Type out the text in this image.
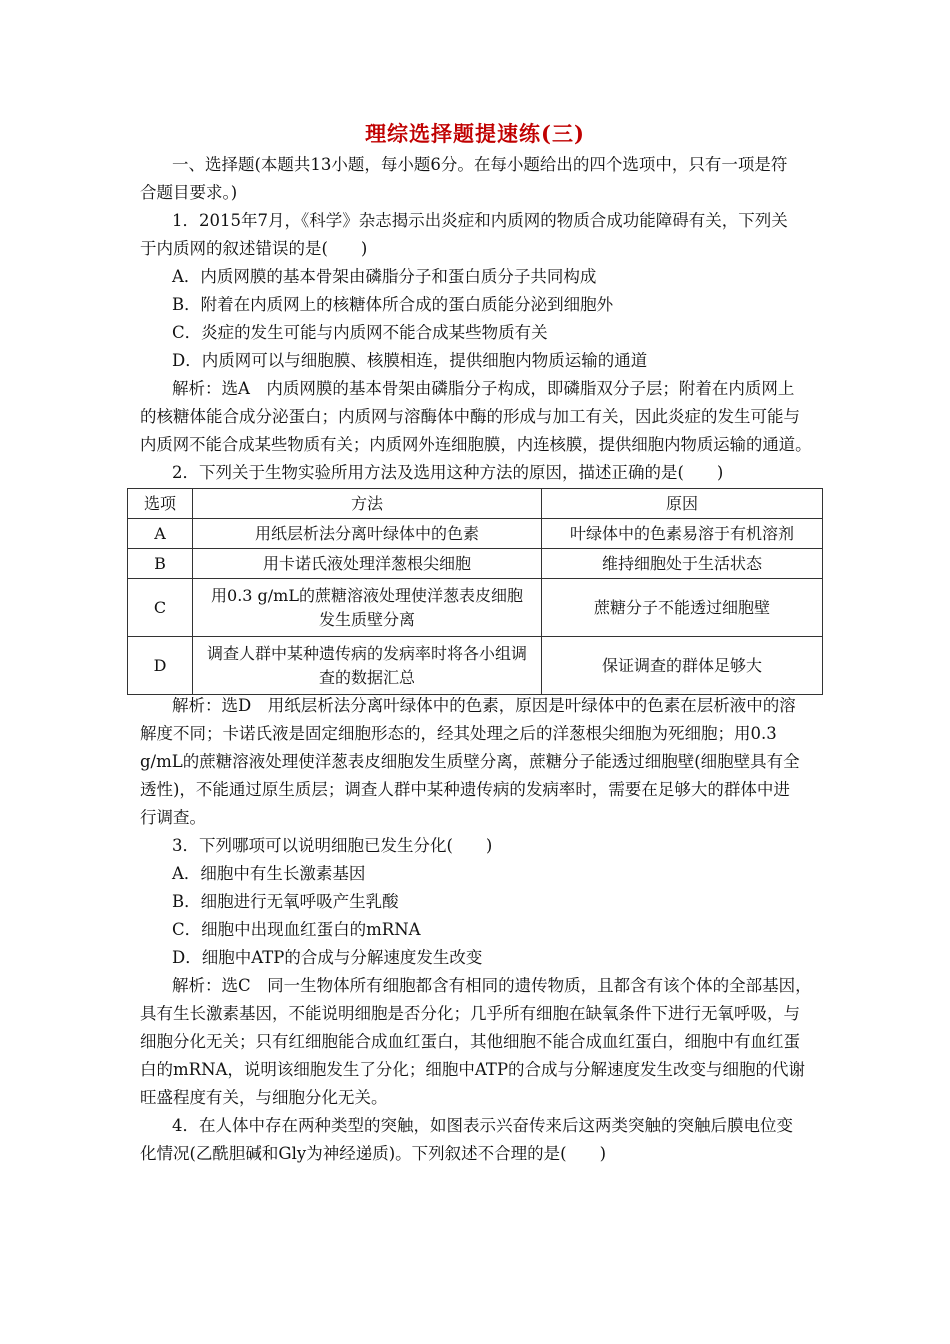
理综选择题提速练(三)
一、选择题(本题共13小题，每小题6分。在每小题给出的四个选项中，只有一项是符
合题目要求。)
1．2015年7月，《科学》杂志揭示出炎症和内质网的物质合成功能障碍有关，下列关
于内质网的叙述错误的是(　　)
A．内质网膜的基本骨架由磷脂分子和蛋白质分子共同构成
B．附着在内质网上的核糖体所合成的蛋白质能分泌到细胞外
C．炎症的发生可能与内质网不能合成某些物质有关
D．内质网可以与细胞膜、核膜相连，提供细胞内物质运输的通道
解析：选A　内质网膜的基本骨架由磷脂分子构成，即磷脂双分子层；附着在内质网上
的核糖体能合成分泌蛋白；内质网与溶酶体中酶的形成与加工有关，因此炎症的发生可能与
内质网不能合成某些物质有关；内质网外连细胞膜，内连核膜，提供细胞内物质运输的通道。
2．下列关于生物实验所用方法及选用这种方法的原因，描述正确的是(　　)
选项	方法	原因
A	用纸层析法分离叶绿体中的色素	叶绿体中的色素易溶于有机溶剂
B	用卡诺氏液处理洋葱根尖细胞	维持细胞处于生活状态
C	用0.3 g/mL的蔗糖溶液处理使洋葱表皮细胞
发生质壁分离	蔗糖分子不能透过细胞壁
D	调查人群中某种遗传病的发病率时将各小组调
查的数据汇总	保证调查的群体足够大
解析：选D　用纸层析法分离叶绿体中的色素，原因是叶绿体中的色素在层析液中的溶
解度不同；卡诺氏液是固定细胞形态的，经其处理之后的洋葱根尖细胞为死细胞；用0.3
g/mL的蔗糖溶液处理使洋葱表皮细胞发生质壁分离，蔗糖分子能透过细胞壁(细胞壁具有全
透性)，不能通过原生质层；调查人群中某种遗传病的发病率时，需要在足够大的群体中进
行调查。
3．下列哪项可以说明细胞已发生分化(　　)
A．细胞中有生长激素基因
B．细胞进行无氧呼吸产生乳酸
C．细胞中出现血红蛋白的mRNA
D．细胞中ATP的合成与分解速度发生改变
解析：选C　同一生物体所有细胞都含有相同的遗传物质，且都含有该个体的全部基因，
具有生长激素基因，不能说明细胞是否分化；几乎所有细胞在缺氧条件下进行无氧呼吸，与
细胞分化无关；只有红细胞能合成血红蛋白，其他细胞不能合成血红蛋白，细胞中有血红蛋
白的mRNA，说明该细胞发生了分化；细胞中ATP的合成与分解速度发生改变与细胞的代谢
旺盛程度有关，与细胞分化无关。
4．在人体中存在两种类型的突触，如图表示兴奋传来后这两类突触的突触后膜电位变
化情况(乙酰胆碱和Gly为神经递质)。下列叙述不合理的是(　　)
